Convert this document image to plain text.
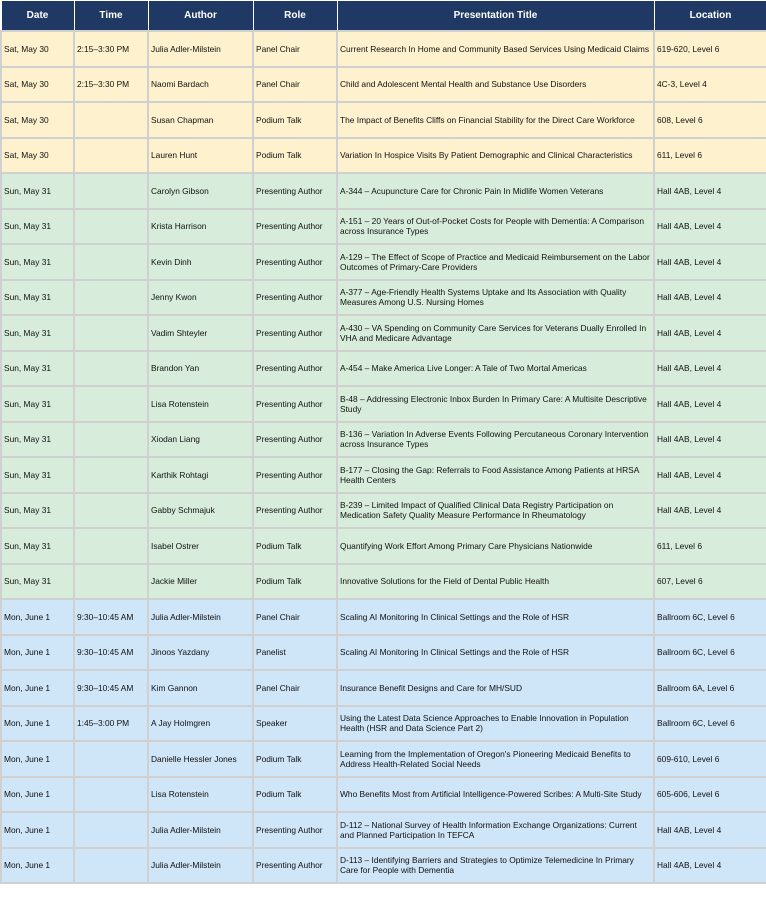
Date	Time	Author	Role	Presentation Title	Location
Sat, May 30	2:15–3:30 PM	Julia Adler-Milstein	Panel Chair	Current Research In Home and Community Based Services Using Medicaid Claims	619-620, Level 6
Sat, May 30	2:15–3:30 PM	Naomi Bardach	Panel Chair	Child and Adolescent Mental Health and Substance Use Disorders	4C-3, Level 4
Sat, May 30		Susan Chapman	Podium Talk	The Impact of Benefits Cliffs on Financial Stability for the Direct Care Workforce	608, Level 6
Sat, May 30		Lauren Hunt	Podium Talk	Variation In Hospice Visits By Patient Demographic and Clinical Characteristics	611, Level 6
Sun, May 31		Carolyn Gibson	Presenting Author	A-344 – Acupuncture Care for Chronic Pain In Midlife Women Veterans	Hall 4AB, Level 4
Sun, May 31		Krista Harrison	Presenting Author	A-151 – 20 Years of Out-of-Pocket Costs for People with Dementia: A Comparison across Insurance Types	Hall 4AB, Level 4
Sun, May 31		Kevin Dinh	Presenting Author	A-129 – The Effect of Scope of Practice and Medicaid Reimbursement on the Labor Outcomes of Primary-Care Providers	Hall 4AB, Level 4
Sun, May 31		Jenny Kwon	Presenting Author	A-377 – Age-Friendly Health Systems Uptake and Its Association with Quality Measures Among U.S. Nursing Homes	Hall 4AB, Level 4
Sun, May 31		Vadim Shteyler	Presenting Author	A-430 – VA Spending on Community Care Services for Veterans Dually Enrolled In VHA and Medicare Advantage	Hall 4AB, Level 4
Sun, May 31		Brandon Yan	Presenting Author	A-454 – Make America Live Longer: A Tale of Two Mortal Americas	Hall 4AB, Level 4
Sun, May 31		Lisa Rotenstein	Presenting Author	B-48 – Addressing Electronic Inbox Burden In Primary Care: A Multisite Descriptive Study	Hall 4AB, Level 4
Sun, May 31		Xiodan Liang	Presenting Author	B-136 – Variation In Adverse Events Following Percutaneous Coronary Intervention across Insurance Types	Hall 4AB, Level 4
Sun, May 31		Karthik Rohtagi	Presenting Author	B-177 – Closing the Gap: Referrals to Food Assistance Among Patients at HRSA Health Centers	Hall 4AB, Level 4
Sun, May 31		Gabby Schmajuk	Presenting Author	B-239 – Limited Impact of Qualified Clinical Data Registry Participation on Medication Safety Quality Measure Performance In Rheumatology	Hall 4AB, Level 4
Sun, May 31		Isabel Ostrer	Podium Talk	Quantifying Work Effort Among Primary Care Physicians Nationwide	611, Level 6
Sun, May 31		Jackie Miller	Podium Talk	Innovative Solutions for the Field of Dental Public Health	607, Level 6
Mon, June 1	9:30–10:45 AM	Julia Adler-Milstein	Panel Chair	Scaling AI Monitoring In Clinical Settings and the Role of HSR	Ballroom 6C, Level 6
Mon, June 1	9:30–10:45 AM	Jinoos Yazdany	Panelist	Scaling AI Monitoring In Clinical Settings and the Role of HSR	Ballroom 6C, Level 6
Mon, June 1	9:30–10:45 AM	Kim Gannon	Panel Chair	Insurance Benefit Designs and Care for MH/SUD	Ballroom 6A, Level 6
Mon, June 1	1:45–3:00 PM	A Jay Holmgren	Speaker	Using the Latest Data Science Approaches to Enable Innovation in Population Health (HSR and Data Science Part 2)	Ballroom 6C, Level 6
Mon, June 1		Danielle Hessler Jones	Podium Talk	Learning from the Implementation of Oregon's Pioneering Medicaid Benefits to Address Health-Related Social Needs	609-610, Level 6
Mon, June 1		Lisa Rotenstein	Podium Talk	Who Benefits Most from Artificial Intelligence-Powered Scribes: A Multi-Site Study	605-606, Level 6
Mon, June 1		Julia Adler-Milstein	Presenting Author	D-112 – National Survey of Health Information Exchange Organizations: Current and Planned Participation In TEFCA	Hall 4AB, Level 4
Mon, June 1		Julia Adler-Milstein	Presenting Author	D-113 – Identifying Barriers and Strategies to Optimize Telemedicine In Primary Care for People with Dementia	Hall 4AB, Level 4
